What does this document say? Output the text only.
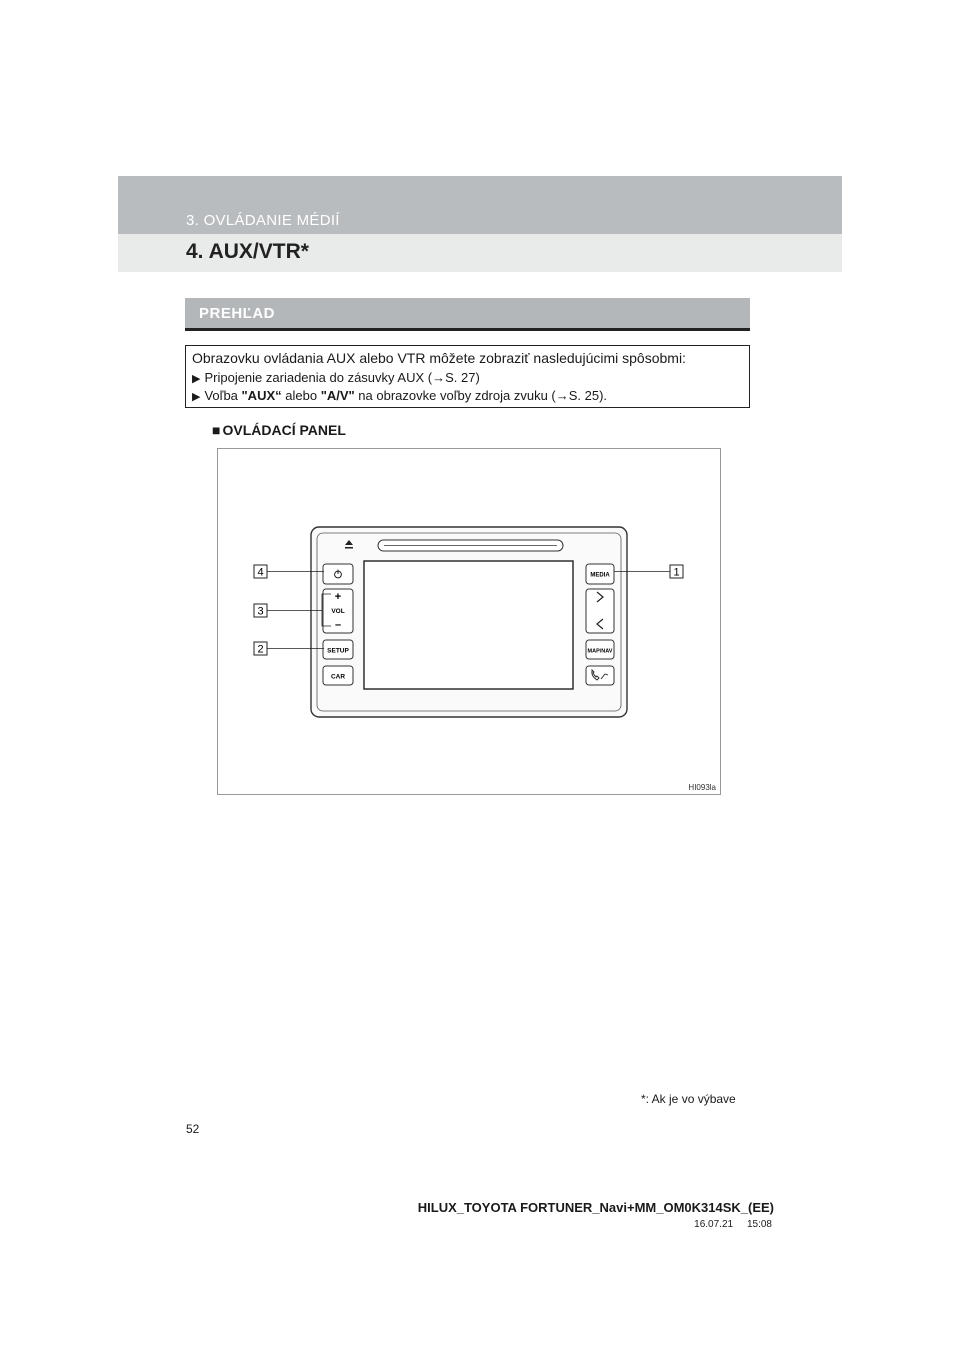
3. OVLÁDANIE MÉDIÍ
4. AUX/VTR*
PREHĽAD
Obrazovku ovládania AUX alebo VTR môžete zobraziť nasledujúcimi spôsobmi:
▶ Pripojenie zariadenia do zásuvky AUX (→S. 27)
▶ Voľba "AUX“ alebo "A/V" na obrazovke voľby zdroja zvuku (→S. 25).
■ OVLÁDACÍ PANEL
+
VOL
–
SETUP
CAR
MEDIA
MAP/NAV
4
3
2
1
HI093la
*: Ak je vo výbave
52
HILUX_TOYOTA FORTUNER_Navi+MM_OM0K314SK_(EE)
16.07.21     15:08
